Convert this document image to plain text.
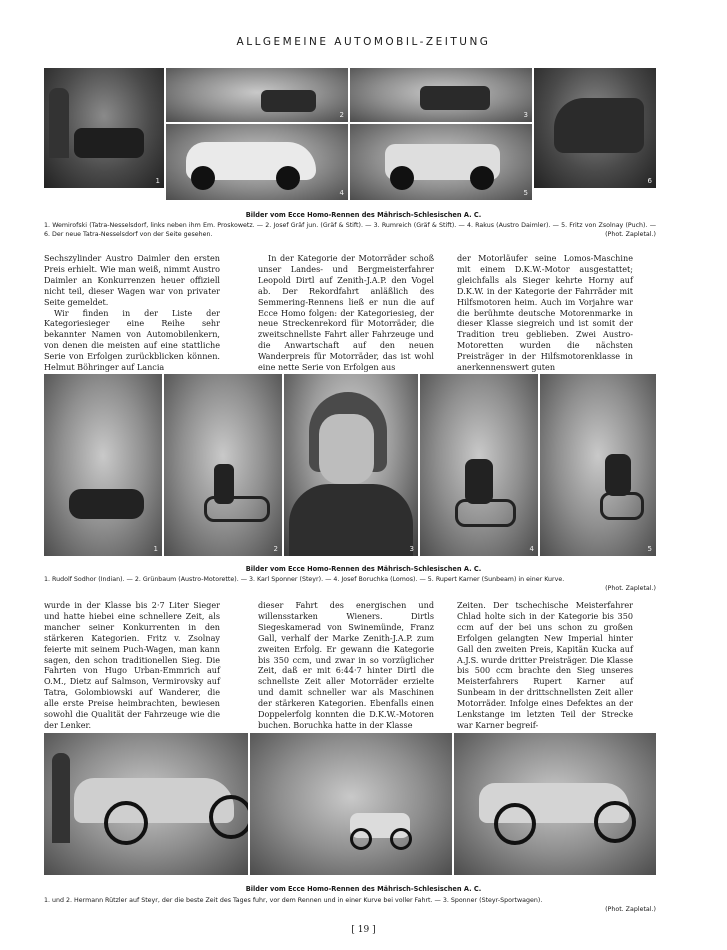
ALLGEMEINE AUTOMOBIL-ZEITUNG
1
2	3
6
4	5
Bilder vom Ecce Homo-Rennen des Mährisch-Schlesischen A. C.
1. Wemirofski (Tatra-Nesselsdorf, links neben ihm Em. Proskowetz. — 2. Josef Gräf jun. (Gräf & Stift). — 3. Rumreich (Gräf & Stift). — 4. Rakus (Austro Daimler). — 5. Fritz von Zsolnay (Puch). — 6. Der neue Tatra-Nesselsdorf von der Seite gesehen.	(Phot. Zapletal.)

Sechszylinder Austro Daimler den ersten Preis erhielt. Wie man weiß, nimmt Austro Daimler an Konkurrenzen heuer offiziell nicht teil, dieser Wagen war von privater Seite gemeldet.

Wir finden in der Liste der Kategoriesieger eine Reihe sehr bekannter Namen von Automobilenkern, von denen die meisten auf eine stattliche Serie von Erfolgen zurückblicken können. Helmut Böhringer auf Lancia

In der Kategorie der Motorräder schoß unser Landes- und Bergmeisterfahrer Leopold Dirtl auf Zenith-J.A.P. den Vogel ab. Der Rekordfahrt anläßlich des Semmering-Rennens ließ er nun die auf Ecce Homo folgen: der Kategoriesieg, der neue Streckenrekord für Motorräder, die zweitschnellste Fahrt aller Fahrzeuge und die Anwartschaft auf den neuen Wanderpreis für Motorräder, das ist wohl eine nette Serie von Erfolgen aus

der Motorläufer seine Lomos-Maschine mit einem D.K.W.-Motor ausgestattet; gleichfalls als Sieger kehrte Horny auf D.K.W. in der Kategorie der Fahrräder mit Hilfsmotoren heim. Auch im Vorjahre war die berühmte deutsche Motorenmarke in dieser Klasse siegreich und ist somit der Tradition treu geblieben. Zwei Austro-Motoretten wurden die nächsten Preisträger in der Hilfsmotorenklasse in anerkennenswert guten

1	2	3	4	5
Bilder vom Ecce Homo-Rennen des Mährisch-Schlesischen A. C.
1. Rudolf Sodhor (Indian). — 2. Grünbaum (Austro-Motorette). — 3. Karl Sponner (Steyr). — 4. Josef Boruchka (Lomos). — 5. Rupert Karner (Sunbeam) in einer Kurve.

(Phot. Zapletal.)

wurde in der Klasse bis 2·7 Liter Sieger und hatte hiebei eine schnellere Zeit, als mancher seiner Konkurrenten in den stärkeren Kategorien. Fritz v. Zsolnay feierte mit seinem Puch-Wagen, man kann sagen, den schon traditionellen Sieg. Die Fahrten von Hugo Urban-Emmrich auf O.M., Dietz auf Salmson, Vermirovsky auf Tatra, Golombiowski auf Wanderer, die alle erste Preise heimbrachten, bewiesen sowohl die Qualität der Fahrzeuge wie die der Lenker.

dieser Fahrt des energischen und willensstarken Wieners. Dirtls Siegeskamerad von Swinemünde, Franz Gall, verhalf der Marke Zenith-J.A.P. zum zweiten Erfolg. Er gewann die Kategorie bis 350 ccm, und zwar in so vorzüglicher Zeit, daß er mit 6:44·7 hinter Dirtl die schnellste Zeit aller Motorräder erzielte und damit schneller war als Maschinen der stärkeren Kategorien. Ebenfalls einen Doppelerfolg konnten die D.K.W.-Motoren buchen. Boruchka hatte in der Klasse

Zeiten. Der tschechische Meisterfahrer Chlad holte sich in der Kategorie bis 350 ccm auf der bei uns schon zu großen Erfolgen gelangten New Imperial hinter Gall den zweiten Preis, Kapitän Kucka auf A.J.S. wurde dritter Preisträger. Die Klasse bis 500 ccm brachte den Sieg unseres Meisterfahrers Rupert Karner auf Sunbeam in der drittschnellsten Zeit aller Motorräder. Infolge eines Defektes an der Lenkstange im letzten Teil der Strecke war Karner begreif-

Bilder vom Ecce Homo-Rennen des Mährisch-Schlesischen A. C.
1. und 2. Hermann Rützler auf Steyr, der die beste Zeit des Tages fuhr, vor dem Rennen und in einer Kurve bei voller Fahrt. — 3. Sponner (Steyr-Sportwagen).

(Phot. Zapletal.)
[ 19 ]
